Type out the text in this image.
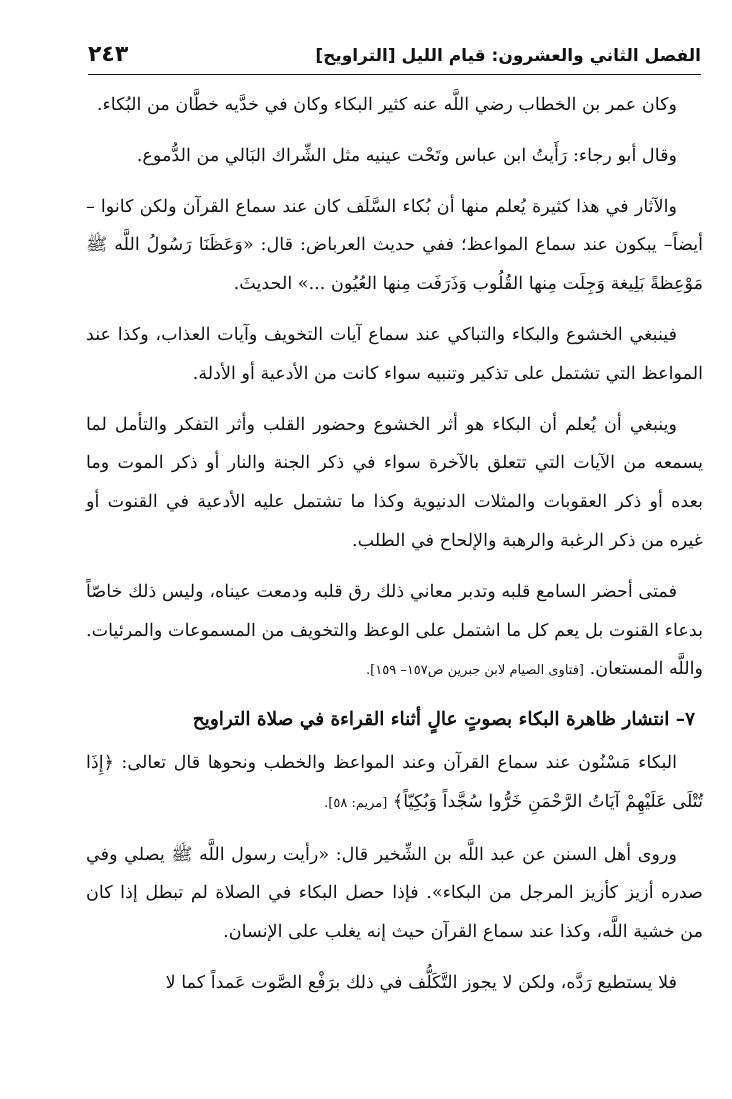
الفصل الثاني والعشرون: قيام الليل [التراويح]
٢٤٣

وكان عمر بن الخطاب رضي اللَّه عنه كثير البكاء وكان في خدَّيه خطَّان من البُكاء.

وقال أبو رجاء: رَأَيتُ ابن عباس وتَحْت عينيه مثل الشِّراك البَالي من الدُّموع.

والآثار في هذا كثيرة يُعلم منها أن بُكاء السَّلَف كان عند سماع القرآن ولكن كانوا – أيضاً– يبكون عند سماع المواعظ؛ ففي حديث العرباض: قال: «وَعَظَنَا رَسُولُ اللَّه ﷺ مَوْعِظةً بَلِيغة وَجِلَت مِنها القُلُوب وَذَرَفَت مِنها العُيُون ...» الحديثَ.

فينبغي الخشوع والبكاء والتباكي عند سماع آيات التخويف وآيات العذاب، وكذا عند المواعظ التي تشتمل على تذكير وتنبيه سواء كانت من الأدعية أو الأدلة.

وينبغي أن يُعلم أن البكاء هو أثر الخشوع وحضور القلب وأثر التفكر والتأمل لما يسمعه من الآيات التي تتعلق بالآخرة سواء في ذكر الجنة والنار أو ذكر الموت وما بعده أو ذكر العقوبات والمثلات الدنيوية وكذا ما تشتمل عليه الأدعية في القنوت أو غيره من ذكر الرغبة والرهبة والإلحاح في الطلب.

فمتى أحضر السامع قلبه وتدبر معاني ذلك رق قلبه ودمعت عيناه، وليس ذلك خاصّاً بدعاء القنوت بل يعم كل ما اشتمل على الوعظ والتخويف من المسموعات والمرئيات. واللَّه المستعان. [فتاوى الصيام لابن جبرين ص١٥٧– ١٥٩].

٧– انتشار ظاهرة البكاء بصوتٍ عالٍ أثناء القراءة في صلاة التراويح

البكاء مَسْنُون عند سماع القرآن وعند المواعظ والخطب ونحوها قال تعالى: ﴿إِذَا تُتْلَى عَلَيْهِمْ آيَاتُ الرَّحْمَنِ خَرُّوا سُجَّداً وَبُكِيّاً﴾ [مريم: ٥٨].

وروى أهل السنن عن عبد اللَّه بن الشِّخير قال: «رأيت رسول اللَّه ﷺ يصلي وفي صدره أزيز كأزيز المرجل من البكاء». فإذا حصل البكاء في الصلاة لم تبطل إذا كان من خشية اللَّه، وكذا عند سماع القرآن حيث إنه يغلب على الإنسان.

فلا يستطيع رَدَّه، ولكن لا يجوز التَّكَلُّف في ذلك برَفْع الصَّوت عَمداً كما لا
